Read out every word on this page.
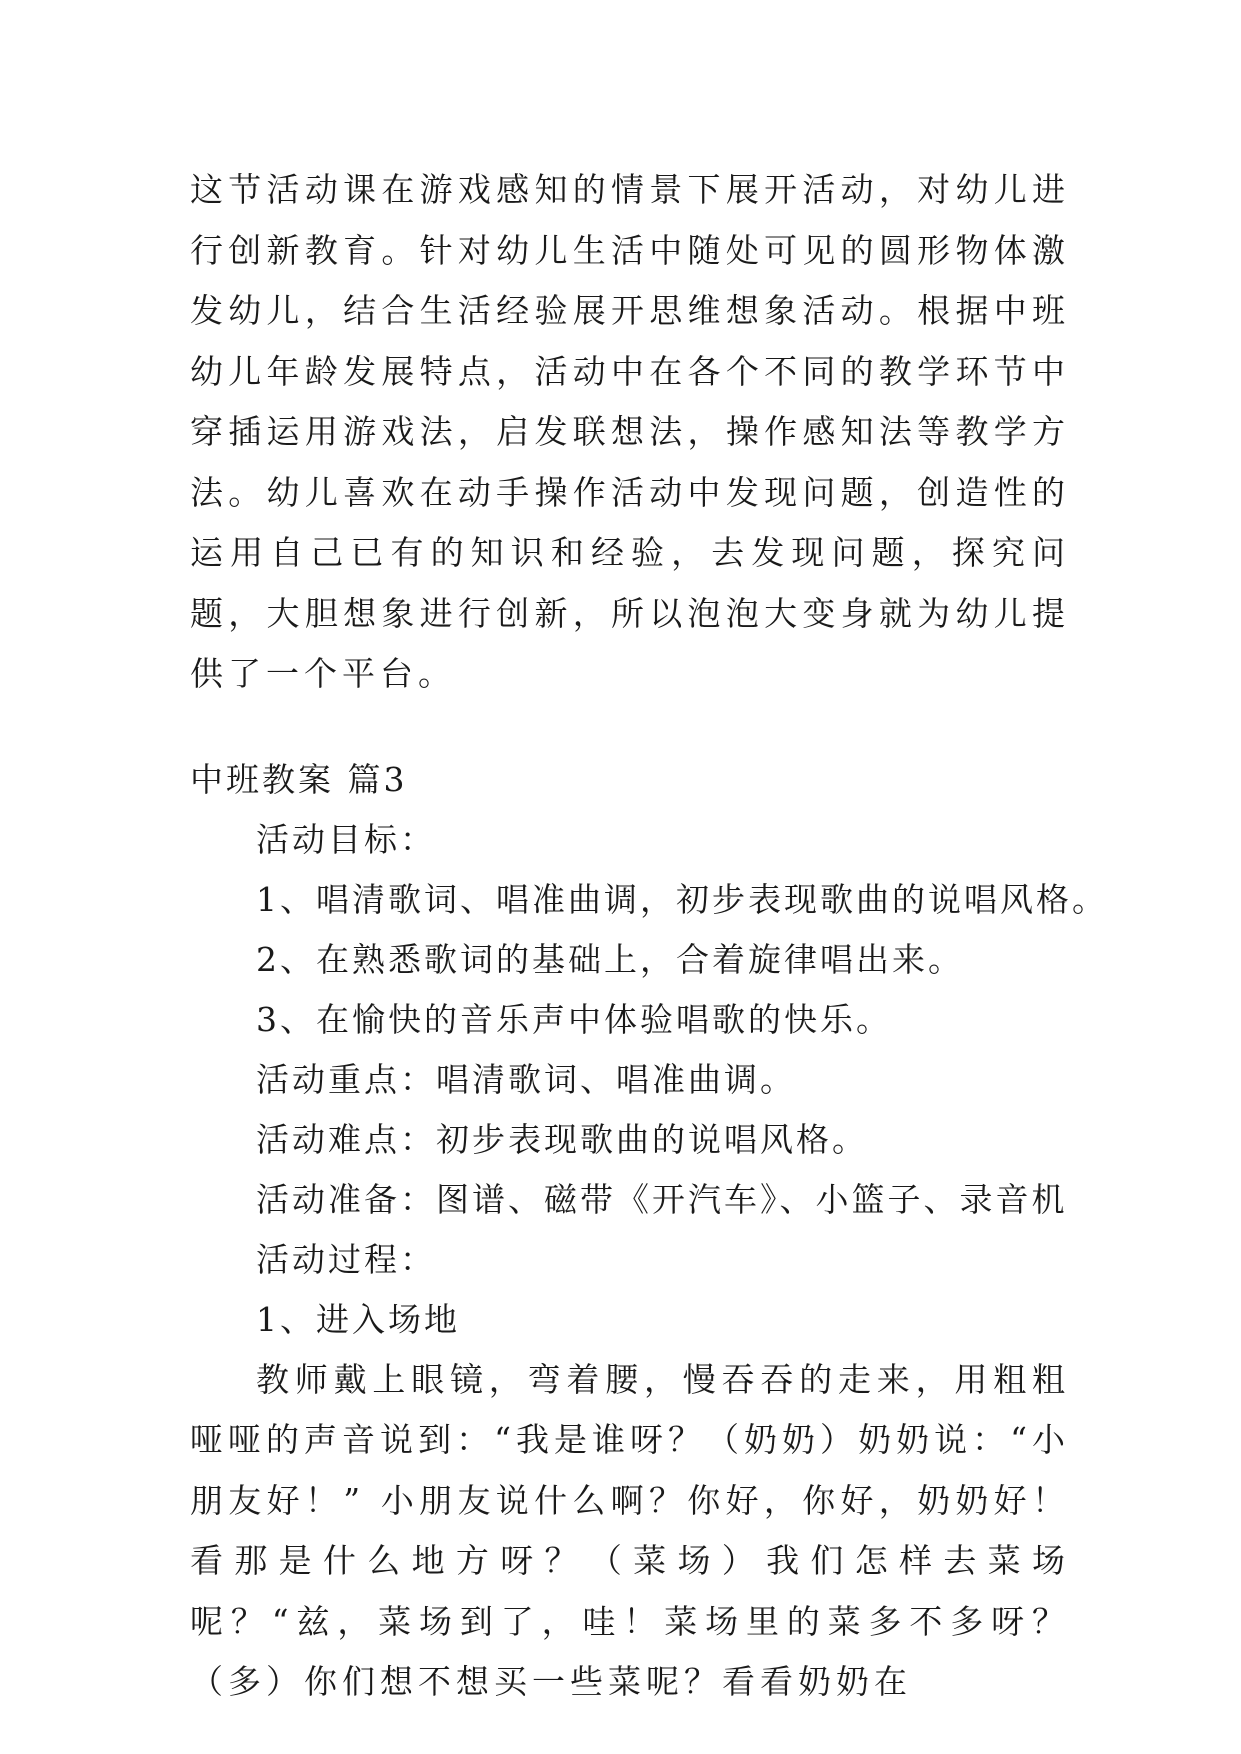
这节活动课在游戏感知的情景下展开活动，对幼儿进行创新教育。针对幼儿生活中随处可见的圆形物体激发幼儿，结合生活经验展开思维想象活动。根据中班幼儿年龄发展特点，活动中在各个不同的教学环节中穿插运用游戏法，启发联想法，操作感知法等教学方法。幼儿喜欢在动手操作活动中发现问题，创造性的运用自己已有的知识和经验，去发现问题，探究问题，大胆想象进行创新，所以泡泡大变身就为幼儿提供了一个平台。

中班教案 篇3

活动目标：

1、唱清歌词、唱准曲调，初步表现歌曲的说唱风格。

2、在熟悉歌词的基础上，合着旋律唱出来。

3、在愉快的音乐声中体验唱歌的快乐。

活动重点：唱清歌词、唱准曲调。

活动难点：初步表现歌曲的说唱风格。

活动准备：图谱、磁带《开汽车》、小篮子、录音机

活动过程：

1、进入场地

教师戴上眼镜，弯着腰，慢吞吞的走来，用粗粗哑哑的声音说到：“我是谁呀？（奶奶）奶奶说：“小朋友好！” 小朋友说什么啊？你好，你好，奶奶好！看那是什么地方呀？（菜场）我们怎样去菜场呢？“兹，菜场到了，哇！菜场里的菜多不多呀？（多）你们想不想买一些菜呢？看看奶奶在
